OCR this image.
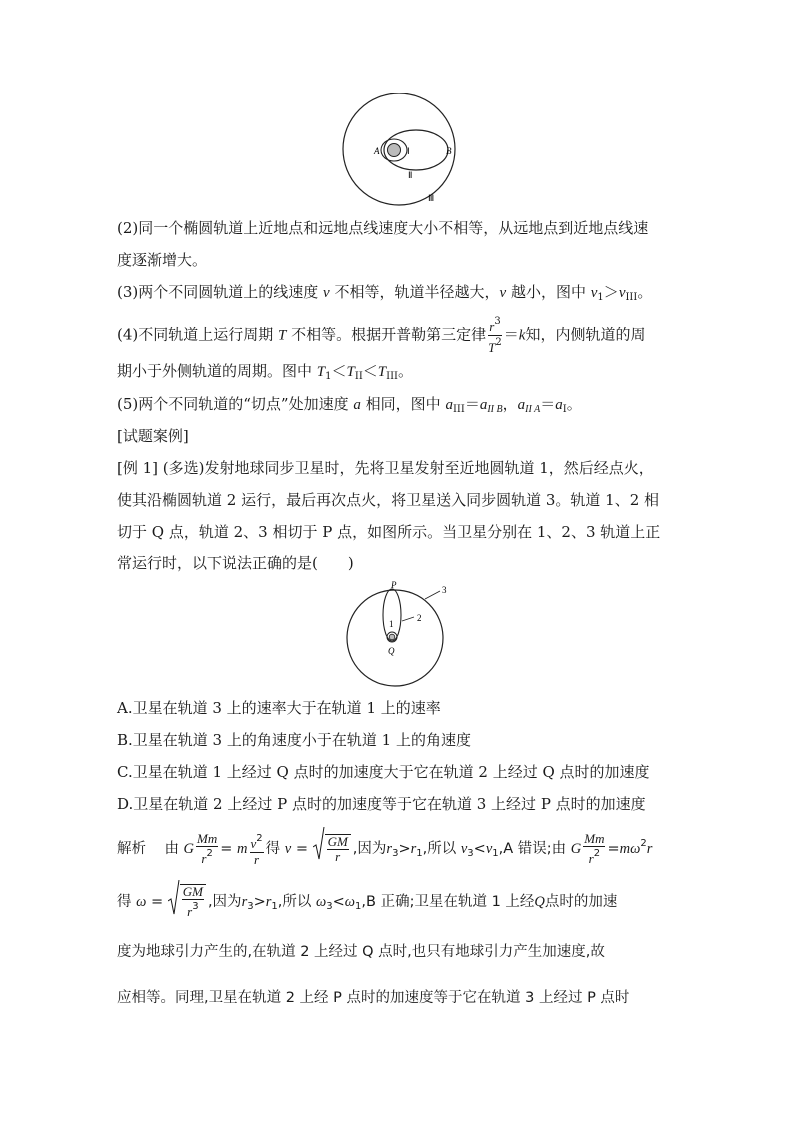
A	B
Ⅰ
Ⅱ
Ⅲ
(2)同一个椭圆轨道上近地点和远地点线速度大小不相等，从远地点到近地点线速
度逐渐增大。
(3)两个不同圆轨道上的线速度 v 不相等，轨道半径越大，v 越小，图中 $v_1>v_{III}$。
(4)不同轨道上运行周期 T 不相等。根据开普勒第三定律 $\frac{r^3}{T^2} =k$知，内侧轨道的周
期小于外侧轨道的周期。图中 $T_1<T_{II}<T_{III}$。
(5)两个不同轨道的“切点”处加速度 a 相同，图中 $a_{III}=a_{II B}$，$a_{II A}=a_I$。
[试题案例]
[例 1] (多选)发射地球同步卫星时，先将卫星发射至近地圆轨道 1，然后经点火，
使其沿椭圆轨道 2 运行，最后再次点火，将卫星送入同步圆轨道 3。轨道 1、2 相
切于 Q 点，轨道 2、3 相切于 P 点，如图所示。当卫星分别在 1、2、3 轨道上正
常运行时，以下说法正确的是(　　)
P
Q
1
2
3
A.卫星在轨道 3 上的速率大于在轨道 1 上的速率
B.卫星在轨道 3 上的角速度小于在轨道 1 上的角速度
C.卫星在轨道 1 上经过 Q 点时的加速度大于它在轨道 2 上经过 Q 点时的加速度
D.卫星在轨道 2 上经过 P 点时的加速度等于它在轨道 3 上经过 P 点时的加速度
解析 由 G $\frac{Mm}{r^2} = m \frac{v^2}{r}$ 得 $v = \frac{GM}{r}$ ,因为$r_3>r_1$,所以 $v_3<v_1,A$ 错误;由 G $\frac{Mm}{r^2} =m\omega^2r$
得 $\omega = \frac{GM}{r^3}$ ,因为$r_3>r_1$,所以 $\omega_3<\omega_1,B$ 正确;卫星在轨道 1 上经Q点时的加速
度为地球引力产生的,在轨道 2 上经过 Q 点时,也只有地球引力产生加速度,故
应相等。同理,卫星在轨道 2 上经 P 点时的加速度等于它在轨道 3 上经过 P 点时
